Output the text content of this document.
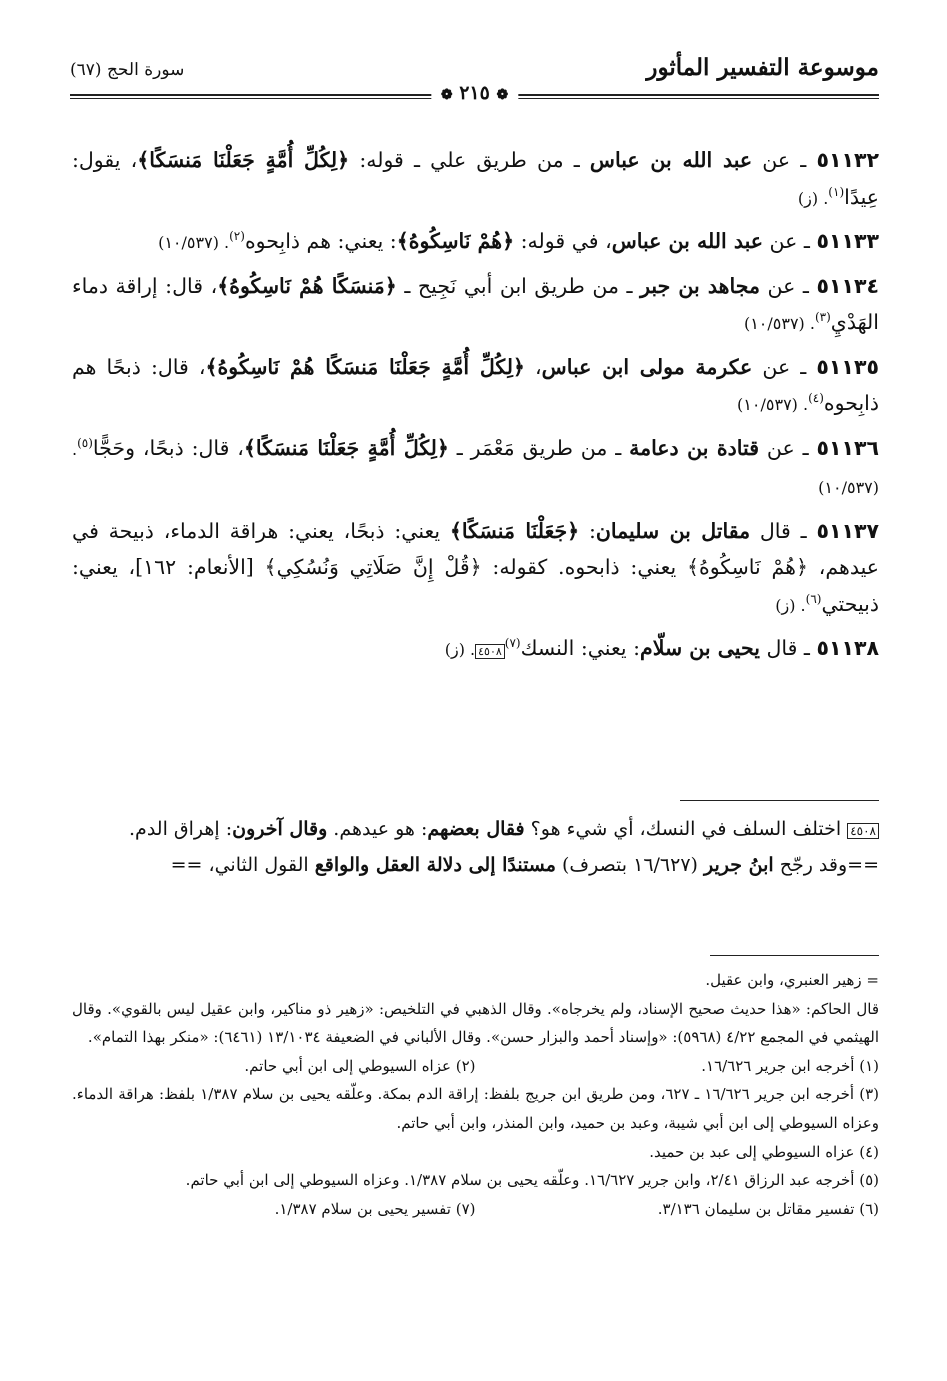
موسوعة التفسير المأثور
سورة الحج (٦٧)
❁ ٢١٥ ❁

٥١١٣٢ ـ عن عبد الله بن عباس ـ من طريق علي ـ قوله: ﴿لِكُلِّ أُمَّةٍ جَعَلْنَا مَنسَكًا﴾، يقول: عِيدًا$^{(١)}$. (ز)

٥١١٣٣ ـ عن عبد الله بن عباس، في قوله: ﴿هُمْ نَاسِكُوهُ﴾: يعني: هم ذابِحوه$^{(٢)}$. (١٠/٥٣٧)

٥١١٣٤ ـ عن مجاهد بن جبر ـ من طريق ابن أبي نَجِيح ـ ﴿مَنسَكًا هُمْ نَاسِكُوهُ﴾، قال: إراقة دماء الهَدْيِ$^{(٣)}$. (١٠/٥٣٧)

٥١١٣٥ ـ عن عكرمة مولى ابن عباس، ﴿لِكُلِّ أُمَّةٍ جَعَلْنَا مَنسَكًا هُمْ نَاسِكُوهُ﴾، قال: ذبحًا هم ذابِحوه$^{(٤)}$. (١٠/٥٣٧)

٥١١٣٦ ـ عن قتادة بن دعامة ـ من طريق مَعْمَر ـ ﴿لِكُلِّ أُمَّةٍ جَعَلْنَا مَنسَكًا﴾، قال: ذبحًا، وحَجًّا$^{(٥)}$. (١٠/٥٣٧)

٥١١٣٧ ـ قال مقاتل بن سليمان: ﴿جَعَلْنَا مَنسَكًا﴾ يعني: ذبحًا، يعني: هراقة الدماء، ذبيحة في عيدهم، ﴿هُمْ نَاسِكُوهُ﴾ يعني: ذابحوه. كقوله: ﴿قُلْ إِنَّ صَلَاتِي وَنُسُكِي﴾ [الأنعام: ١٦٢]، يعني: ذبيحتي$^{(٦)}$. (ز)

٥١١٣٨ ـ قال يحيى بن سلّام: يعني: النسك$^{(٧)}$٤٥٠٨. (ز)

٤٥٠٨ اختلف السلف في النسك، أي شيء هو؟ فقال بعضهم: هو عيدهم. وقال آخرون: إهراق الدم.
==وقد رجّح ابنُ جرير (١٦/٦٢٧ بتصرف) مستندًا إلى دلالة العقل والواقع القول الثاني، ==

= زهير العنبري، وابن عقيل.

قال الحاكم: «هذا حديث صحيح الإسناد، ولم يخرجاه». وقال الذهبي في التلخيص: «زهير ذو مناكير، وابن عقيل ليس بالقوي». وقال الهيثمي في المجمع ٤/٢٢ (٥٩٦٨): «وإسناد أحمد والبزار حسن». وقال الألباني في الضعيفة ١٣/١٠٣٤ (٦٤٦١): «منكر بهذا التمام».

(١) أخرجه ابن جرير ١٦/٦٢٦.
(٢) عزاه السيوطي إلى ابن أبي حاتم.

(٣) أخرجه ابن جرير ١٦/٦٢٦ ـ ٦٢٧، ومن طريق ابن جريج بلفظ: إراقة الدم بمكة. وعلّقه يحيى بن سلام ١/٣٨٧ بلفظ: هراقة الدماء. وعزاه السيوطي إلى ابن أبي شيبة، وعبد بن حميد، وابن المنذر، وابن أبي حاتم.

(٤) عزاه السيوطي إلى عبد بن حميد.

(٥) أخرجه عبد الرزاق ٢/٤١، وابن جرير ١٦/٦٢٧. وعلّقه يحيى بن سلام ١/٣٨٧. وعزاه السيوطي إلى ابن أبي حاتم.

(٦) تفسير مقاتل بن سليمان ٣/١٣٦.
(٧) تفسير يحيى بن سلام ١/٣٨٧.
